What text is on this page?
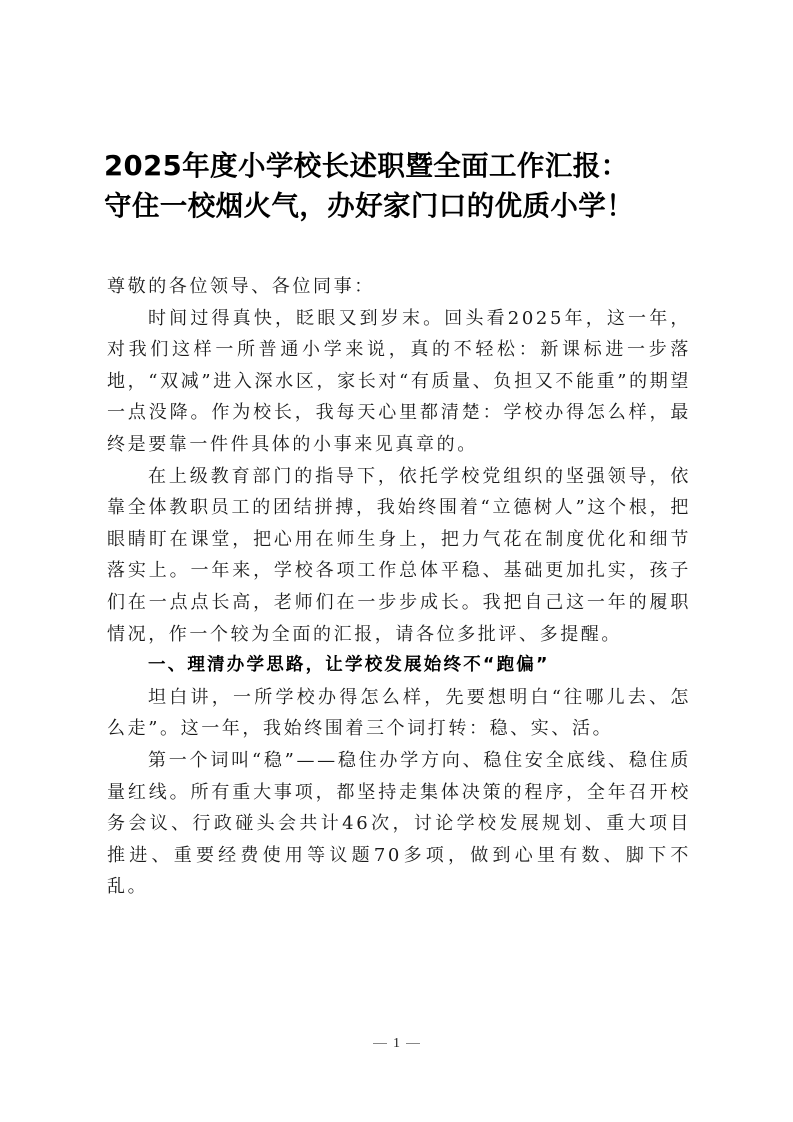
2025年度小学校长述职暨全面工作汇报：
守住一校烟火气，办好家门口的优质小学！

尊敬的各位领导、各位同事：

时间过得真快，眨眼又到岁末。回头看2025年，这一年，对我们这样一所普通小学来说，真的不轻松：新课标进一步落地，“双减”进入深水区，家长对“有质量、负担又不能重”的期望一点没降。作为校长，我每天心里都清楚：学校办得怎么样，最终是要靠一件件具体的小事来见真章的。

在上级教育部门的指导下，依托学校党组织的坚强领导，依靠全体教职员工的团结拼搏，我始终围着“立德树人”这个根，把眼睛盯在课堂，把心用在师生身上，把力气花在制度优化和细节落实上。一年来，学校各项工作总体平稳、基础更加扎实，孩子们在一点点长高，老师们在一步步成长。我把自己这一年的履职情况，作一个较为全面的汇报，请各位多批评、多提醒。

一、理清办学思路，让学校发展始终不“跑偏”

坦白讲，一所学校办得怎么样，先要想明白“往哪儿去、怎么走”。这一年，我始终围着三个词打转：稳、实、活。

第一个词叫“稳”——稳住办学方向、稳住安全底线、稳住质量红线。所有重大事项，都坚持走集体决策的程序，全年召开校务会议、行政碰头会共计46次，讨论学校发展规划、重大项目推进、重要经费使用等议题70多项，做到心里有数、脚下不乱。

1
